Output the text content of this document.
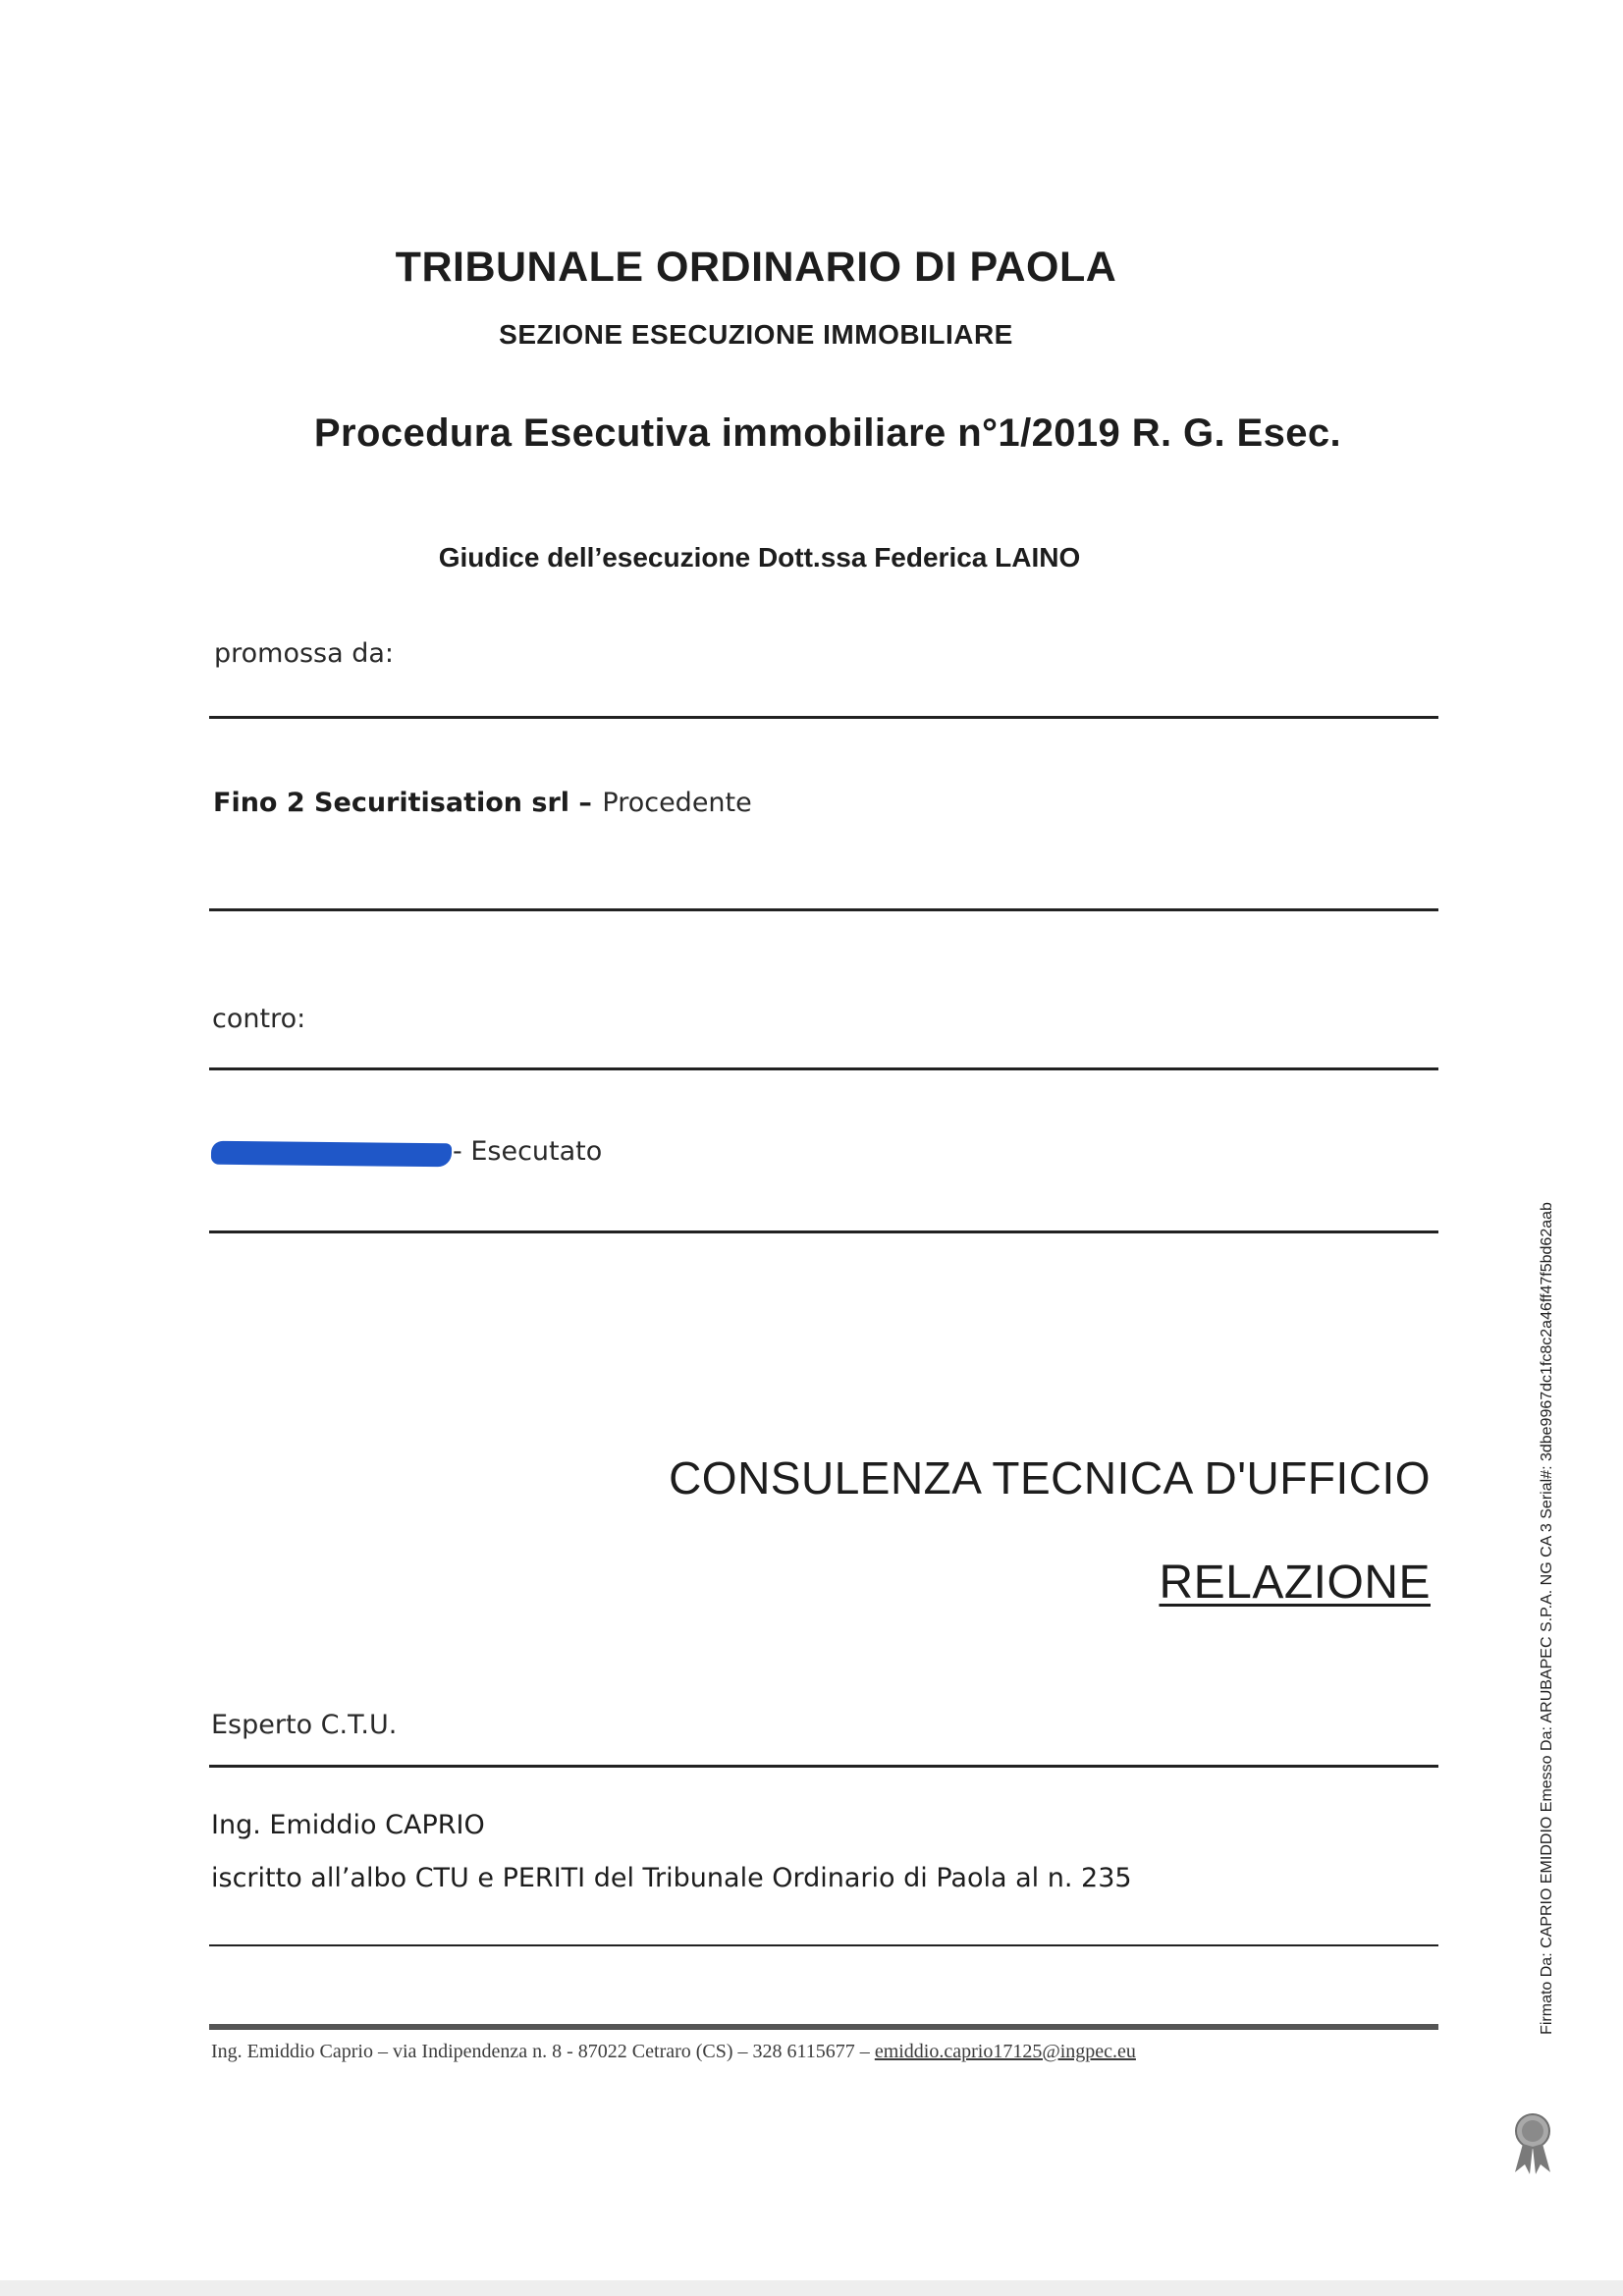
TRIBUNALE ORDINARIO DI PAOLA
SEZIONE ESECUZIONE IMMOBILIARE
Procedura Esecutiva immobiliare n°1/2019 R. G. Esec.
Giudice dell’esecuzione Dott.ssa Federica LAINO
promossa da:
Fino 2 Securitisation srl – Procedente
contro:
- Esecutato
CONSULENZA TECNICA D'UFFICIO
RELAZIONE
Esperto C.T.U.
Ing. Emiddio CAPRIO
iscritto all’albo CTU e PERITI del Tribunale Ordinario di Paola al n. 235
Ing. Emiddio Caprio – via Indipendenza n. 8 - 87022 Cetraro (CS) – 328 6115677 – emiddio.caprio17125@ingpec.eu
Firmato Da: CAPRIO EMIDDIO Emesso Da: ARUBAPEC S.P.A. NG CA 3 Serial#: 3dbe9967dc1fc8c2a46ff47f5bd62aab
